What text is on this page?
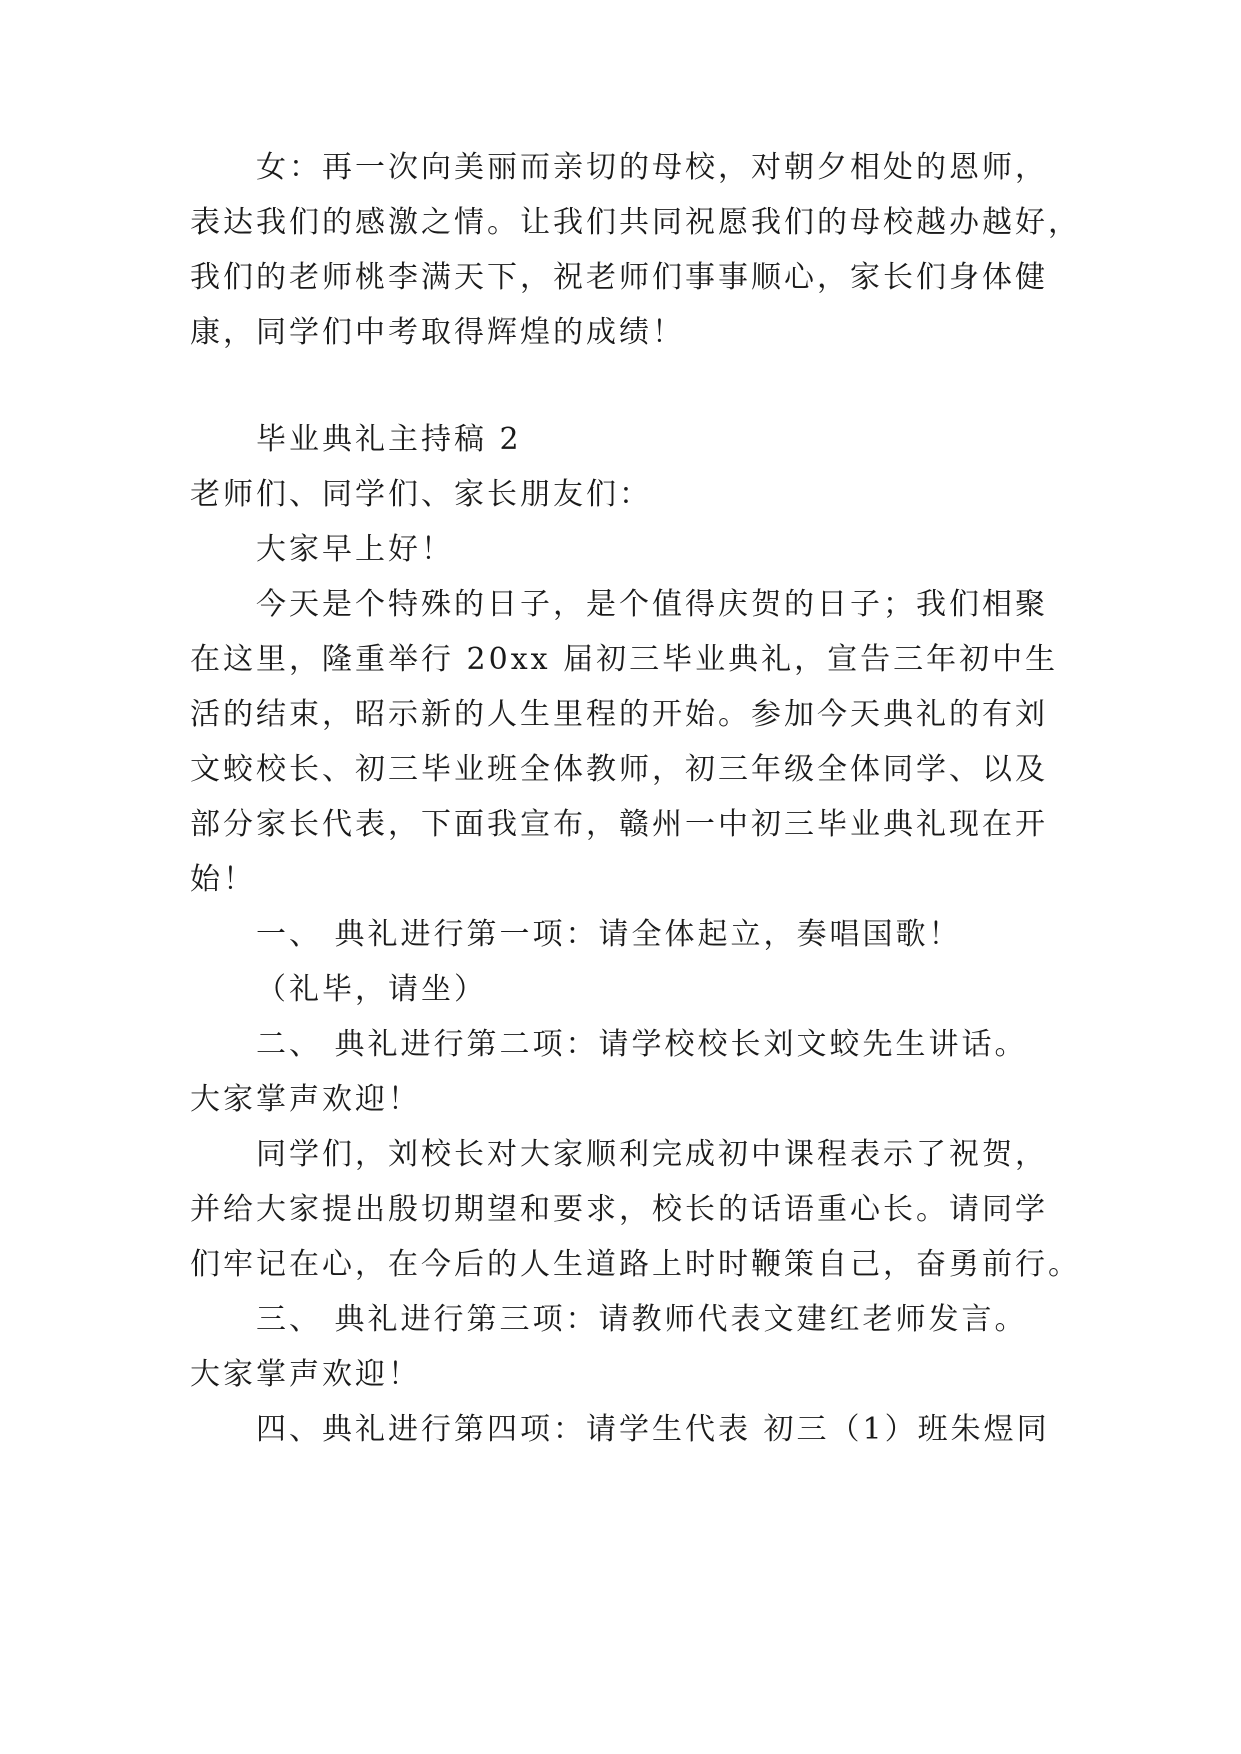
女：再一次向美丽而亲切的母校，对朝夕相处的恩师，
表达我们的感激之情。让我们共同祝愿我们的母校越办越好，
我们的老师桃李满天下，祝老师们事事顺心，家长们身体健
康，同学们中考取得辉煌的成绩！
毕业典礼主持稿 2
老师们、同学们、家长朋友们：
大家早上好！
今天是个特殊的日子，是个值得庆贺的日子；我们相聚
在这里，隆重举行 20xx 届初三毕业典礼，宣告三年初中生
活的结束，昭示新的人生里程的开始。参加今天典礼的有刘
文蛟校长、初三毕业班全体教师，初三年级全体同学、以及
部分家长代表，下面我宣布，赣州一中初三毕业典礼现在开
始！
一、 典礼进行第一项：请全体起立，奏唱国歌！
（礼毕，请坐）
二、 典礼进行第二项：请学校校长刘文蛟先生讲话。
大家掌声欢迎！
同学们，刘校长对大家顺利完成初中课程表示了祝贺，
并给大家提出殷切期望和要求，校长的话语重心长。请同学
们牢记在心，在今后的人生道路上时时鞭策自己，奋勇前行。
三、 典礼进行第三项：请教师代表文建红老师发言。
大家掌声欢迎！
四、典礼进行第四项：请学生代表 初三（1）班朱煜同
